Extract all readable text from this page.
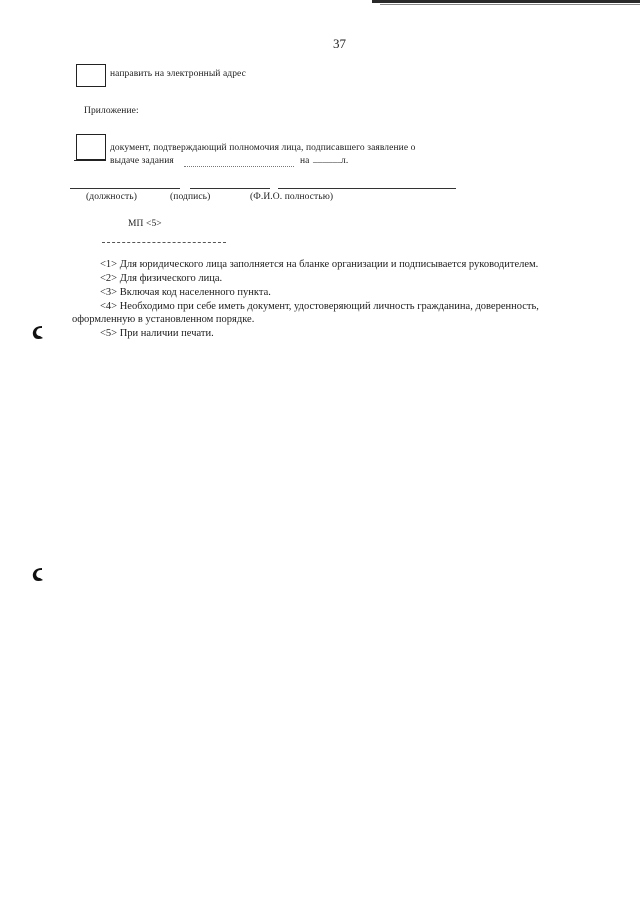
37
направить на электронный адрес
Приложение:
документ, подтверждающий полномочия лица, подписавшего заявление о
выдаче задания	на ______
л.
(должность)	(подпись)	(Ф.И.О. полностью)
МП <5>
<1> Для юридического лица заполняется на бланке организации и подписывается руководителем.
<2> Для физического лица.
<3> Включая код населенного пункта.
<4> Необходимо при себе иметь документ, удостоверяющий личность гражданина, доверенность,
оформленную в установленном порядке.
<5> При наличии печати.
